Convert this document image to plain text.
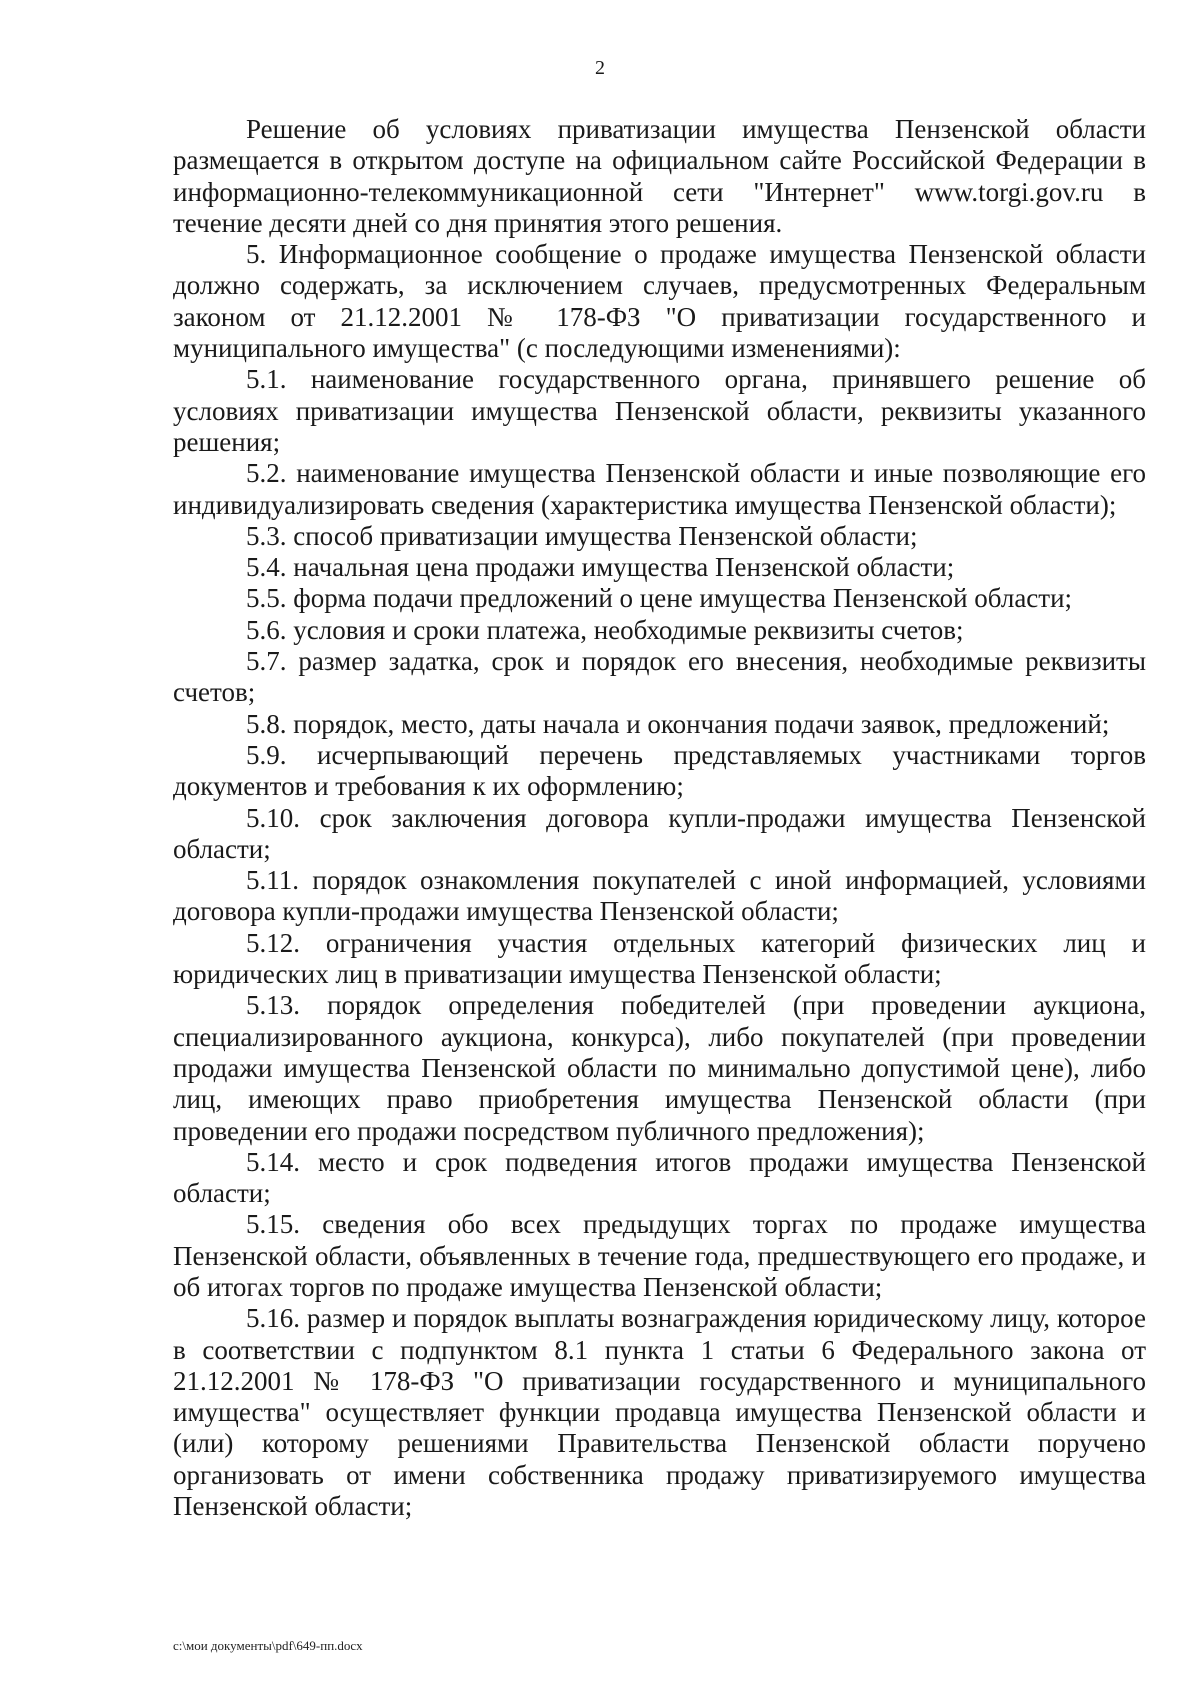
2

Решение об условиях приватизации имущества Пензенской области размещается в открытом доступе на официальном сайте Российской Федерации в информационно-телекоммуникационной сети "Интернет" www.torgi.gov.ru в течение десяти дней со дня принятия этого решения.

5. Информационное сообщение о продаже имущества Пензенской области должно содержать, за исключением случаев, предусмотренных Федеральным законом от 21.12.2001 № 178-ФЗ "О приватизации государственного и муниципального имущества" (с последующими изменениями):

5.1. наименование государственного органа, принявшего решение об условиях приватизации имущества Пензенской области, реквизиты указанного решения;

5.2. наименование имущества Пензенской области и иные позволяющие его индивидуализировать сведения (характеристика имущества Пензенской области);

5.3. способ приватизации имущества Пензенской области;

5.4. начальная цена продажи имущества Пензенской области;

5.5. форма подачи предложений о цене имущества Пензенской области;

5.6. условия и сроки платежа, необходимые реквизиты счетов;

5.7. размер задатка, срок и порядок его внесения, необходимые реквизиты счетов;

5.8. порядок, место, даты начала и окончания подачи заявок, предложений;

5.9. исчерпывающий перечень представляемых участниками торгов документов и требования к их оформлению;

5.10. срок заключения договора купли-продажи имущества Пензенской области;

5.11. порядок ознакомления покупателей с иной информацией, условиями договора купли-продажи имущества Пензенской области;

5.12. ограничения участия отдельных категорий физических лиц и юридических лиц в приватизации имущества Пензенской области;

5.13. порядок определения победителей (при проведении аукциона, специализированного аукциона, конкурса), либо покупателей (при проведении продажи имущества Пензенской области по минимально допустимой цене), либо лиц, имеющих право приобретения имущества Пензенской области (при проведении его продажи посредством публичного предложения);

5.14. место и срок подведения итогов продажи имущества Пензенской области;

5.15. сведения обо всех предыдущих торгах по продаже имущества Пензенской области, объявленных в течение года, предшествующего его продаже, и об итогах торгов по продаже имущества Пензенской области;

5.16. размер и порядок выплаты вознаграждения юридическому лицу, которое в соответствии с подпунктом 8.1 пункта 1 статьи 6 Федерального закона от 21.12.2001 № 178-ФЗ "О приватизации государственного и муниципального имущества" осуществляет функции продавца имущества Пензенской области и (или) которому решениями Правительства Пензенской области поручено организовать от имени собственника продажу приватизируемого имущества Пензенской области;

c:\мои документы\pdf\649-пп.docx
